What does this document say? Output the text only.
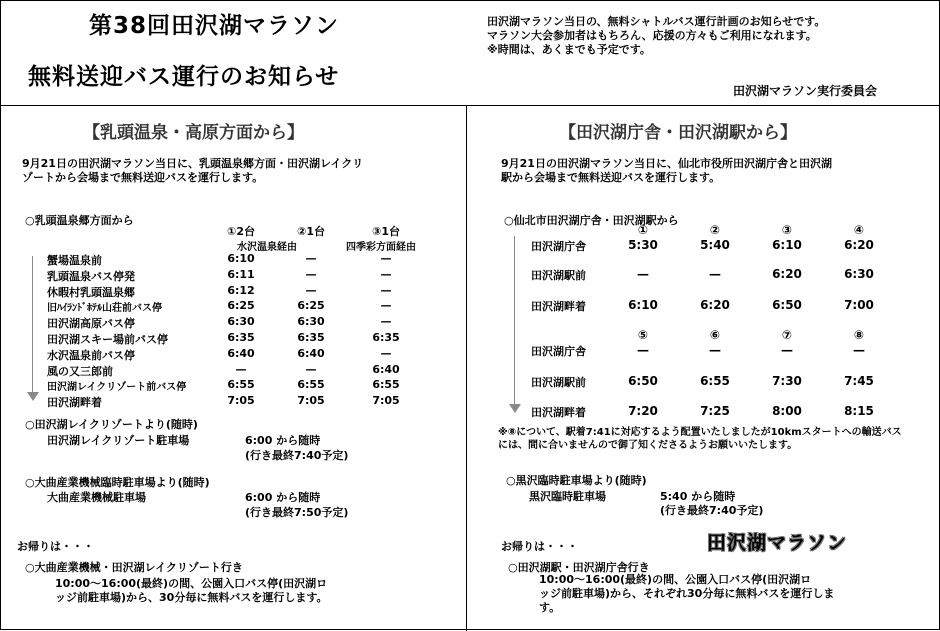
第38回田沢湖マラソン
無料送迎バス運行のお知らせ
田沢湖マラソン当日の、無料シャトルバス運行計画のお知らせです。
マラソン大会参加者はもちろん、応援の方々もご利用になれます。
※時間は、あくまでも予定です。
田沢湖マラソン実行委員会
【乳頭温泉・高原方面から】
9月21日の田沢湖マラソン当日に、乳頭温泉郷方面・田沢湖レイクリ
ゾートから会場まで無料送迎バスを運行します。
○乳頭温泉郷方面から
①2台	②1台	③1台
水沢温泉経由	四季彩方面経由
蟹場温泉前	6:10	—	—
乳頭温泉バス停発	6:11	—	—
休暇村乳頭温泉郷	6:12	—	—
旧ﾊｲﾗﾝﾄﾞﾎﾃﾙ山荘前バス停	6:25	6:25	—
田沢湖高原バス停	6:30	6:30	—
田沢湖スキー場前バス停	6:35	6:35	6:35
水沢温泉前バス停	6:40	6:40	—
風の又三郎前	—	—	6:40
田沢湖レイクリゾート前バス停	6:55	6:55	6:55
田沢湖畔着	7:05	7:05	7:05
○田沢湖レイクリゾートより(随時)
田沢湖レイクリゾート駐車場	6:00 から随時
(行き最終7:40予定)
○大曲産業機械臨時駐車場より(随時)
大曲産業機械駐車場	6:00 から随時
(行き最終7:50予定)
お帰りは・・・
○大曲産業機械・田沢湖レイクリゾート行き
10:00～16:00(最終)の間、公園入口バス停(田沢湖ロ
ッジ前駐車場)から、30分毎に無料バスを運行します。
【田沢湖庁舎・田沢湖駅から】
9月21日の田沢湖マラソン当日に、仙北市役所田沢湖庁舎と田沢湖
駅から会場まで無料送迎バスを運行します。
○仙北市田沢湖庁舎・田沢湖駅から
①	②	③	④
田沢湖庁舎	5:30	5:40	6:10	6:20
田沢湖駅前	—	—	6:20	6:30
田沢湖畔着	6:10	6:20	6:50	7:00
⑤	⑥	⑦	⑧
田沢湖庁舎	—	—	—	—
田沢湖駅前	6:50	6:55	7:30	7:45
田沢湖畔着	7:20	7:25	8:00	8:15
※⑧について、駅着7:41に対応するよう配置いたしましたが10kmスタートへの輸送バス
には、間に合いませんので御了知くださるようお願いいたします。
○黒沢臨時駐車場より(随時)
黒沢臨時駐車場	5:40 から随時
(行き最終7:40予定)
お帰りは・・・	田沢湖マラソン
○田沢湖駅・田沢湖庁舎行き
10:00～16:00(最終)の間、公園入口バス停(田沢湖ロ
ッジ前駐車場)から、それぞれ30分毎に無料バスを運行しま
す。
